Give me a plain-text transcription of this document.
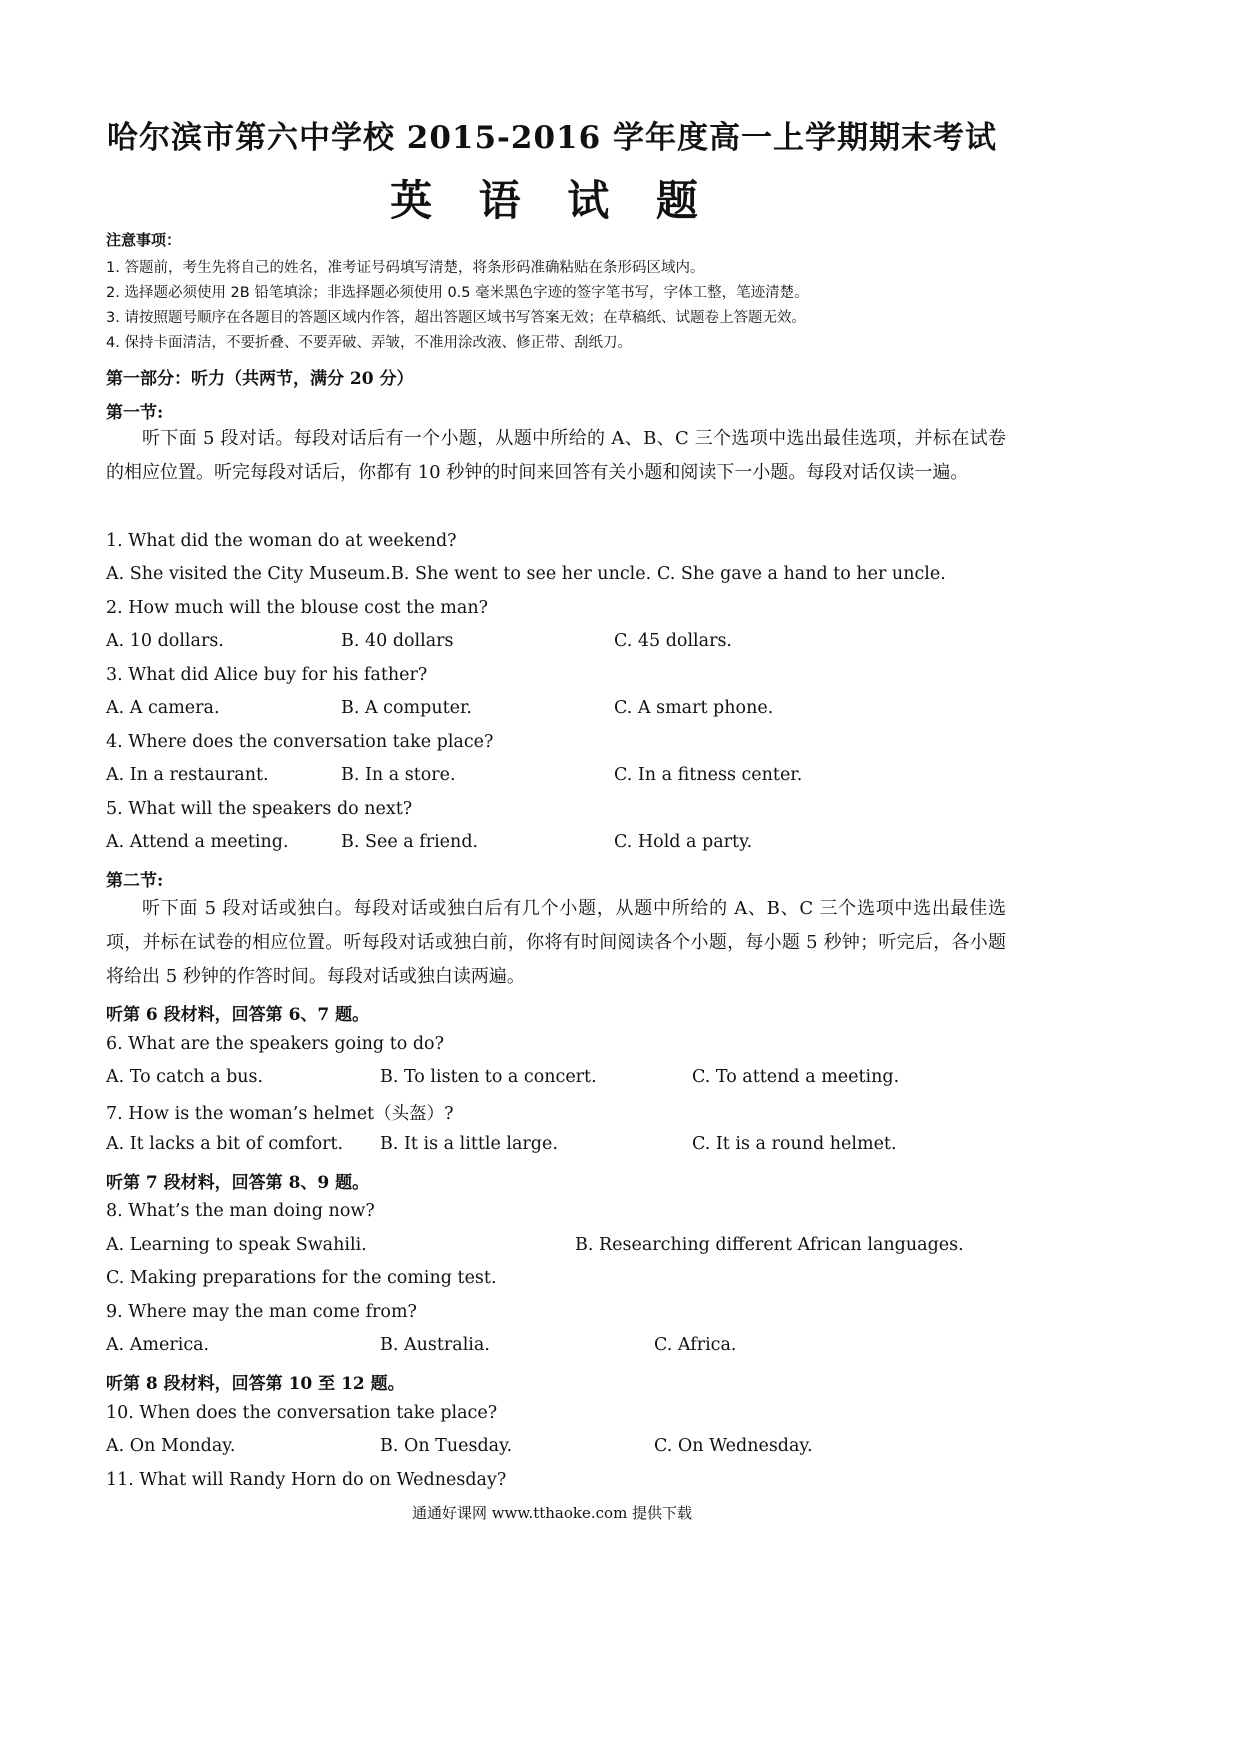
哈尔滨市第六中学校 2015-2016 学年度高一上学期期末考试
英 语 试 题
注意事项：
1. 答题前，考生先将自己的姓名，准考证号码填写清楚，将条形码准确粘贴在条形码区域内。
2. 选择题必须使用 2B 铅笔填涂；非选择题必须使用 0.5 毫米黑色字迹的签字笔书写，字体工整，笔迹清楚。
3. 请按照题号顺序在各题目的答题区域内作答，超出答题区域书写答案无效；在草稿纸、试题卷上答题无效。
4. 保持卡面清洁，不要折叠、不要弄破、弄皱，不准用涂改液、修正带、刮纸刀。
第一部分：听力（共两节，满分 20 分）
第一节:
听下面 5 段对话。每段对话后有一个小题，从题中所给的 A、B、C 三个选项中选出最佳选项，并标在试卷的相应位置。听完每段对话后，你都有 10 秒钟的时间来回答有关小题和阅读下一小题。每段对话仅读一遍。
1. What did the woman do at weekend?
A. She visited the City Museum. B. She went to see her uncle. C. She gave a hand to her uncle.
2. How much will the blouse cost the man?
A. 10 dollars.	B. 40 dollars	C. 45 dollars.
3. What did Alice buy for his father?
A. A camera.	B. A computer.	C. A smart phone.
4. Where does the conversation take place?
A. In a restaurant.	B. In a store.	C. In a fitness center.
5. What will the speakers do next?
A. Attend a meeting.	B. See a friend.	C. Hold a party.
第二节:
听下面 5 段对话或独白。每段对话或独白后有几个小题，从题中所给的 A、B、C 三个选项中选出最佳选项，并标在试卷的相应位置。听每段对话或独白前，你将有时间阅读各个小题，每小题 5 秒钟；听完后，各小题将给出 5 秒钟的作答时间。每段对话或独白读两遍。
听第 6 段材料，回答第 6、7 题。
6. What are the speakers going to do?
A. To catch a bus.	B. To listen to a concert.	C. To attend a meeting.
7. How is the woman’s helmet（头盔）?
A. It lacks a bit of comfort. B. It is a little large.	C. It is a round helmet.
听第 7 段材料，回答第 8、9 题。
8. What’s the man doing now?
A. Learning to speak Swahili.	B. Researching different African languages.
C. Making preparations for the coming test.
9. Where may the man come from?
A. America.	B. Australia.	C. Africa.
听第 8 段材料，回答第 10 至 12 题。
10. When does the conversation take place?
A. On Monday.	B. On Tuesday.	C. On Wednesday.
11. What will Randy Horn do on Wednesday?
通通好课网 www.tthaoke.com 提供下载
